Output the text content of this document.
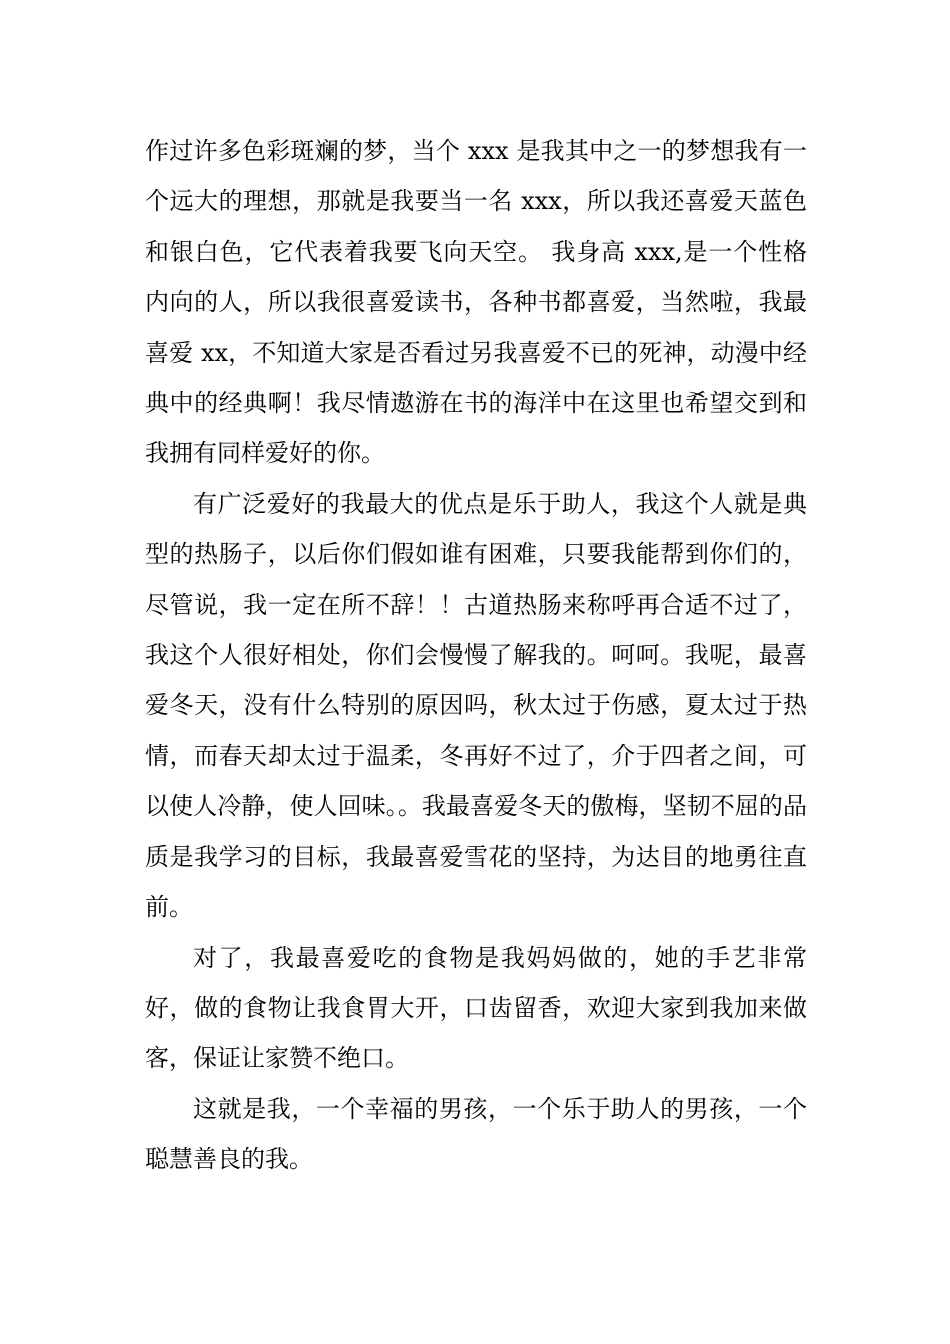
作过许多色彩斑斓的梦，当个 xxx 是我其中之一的梦想我有一个远大的理想，那就是我要当一名 xxx，所以我还喜爱天蓝色和银白色，它代表着我要飞向天空。 我身高 xxx,是一个性格内向的人，所以我很喜爱读书，各种书都喜爱，当然啦，我最喜爱 xx，不知道大家是否看过另我喜爱不已的死神，动漫中经典中的经典啊！我尽情遨游在书的海洋中在这里也希望交到和我拥有同样爱好的你。

有广泛爱好的我最大的优点是乐于助人，我这个人就是典型的热肠子，以后你们假如谁有困难，只要我能帮到你们的，尽管说，我一定在所不辞！！古道热肠来称呼再合适不过了，我这个人很好相处，你们会慢慢了解我的。呵呵。我呢，最喜爱冬天，没有什么特别的原因吗，秋太过于伤感，夏太过于热情，而春天却太过于温柔，冬再好不过了，介于四者之间，可以使人冷静，使人回味。。我最喜爱冬天的傲梅，坚韧不屈的品质是我学习的目标，我最喜爱雪花的坚持，为达目的地勇往直前。

对了，我最喜爱吃的食物是我妈妈做的，她的手艺非常好，做的食物让我食胃大开，口齿留香，欢迎大家到我加来做客，保证让家赞不绝口。

这就是我，一个幸福的男孩，一个乐于助人的男孩，一个聪慧善良的我。
